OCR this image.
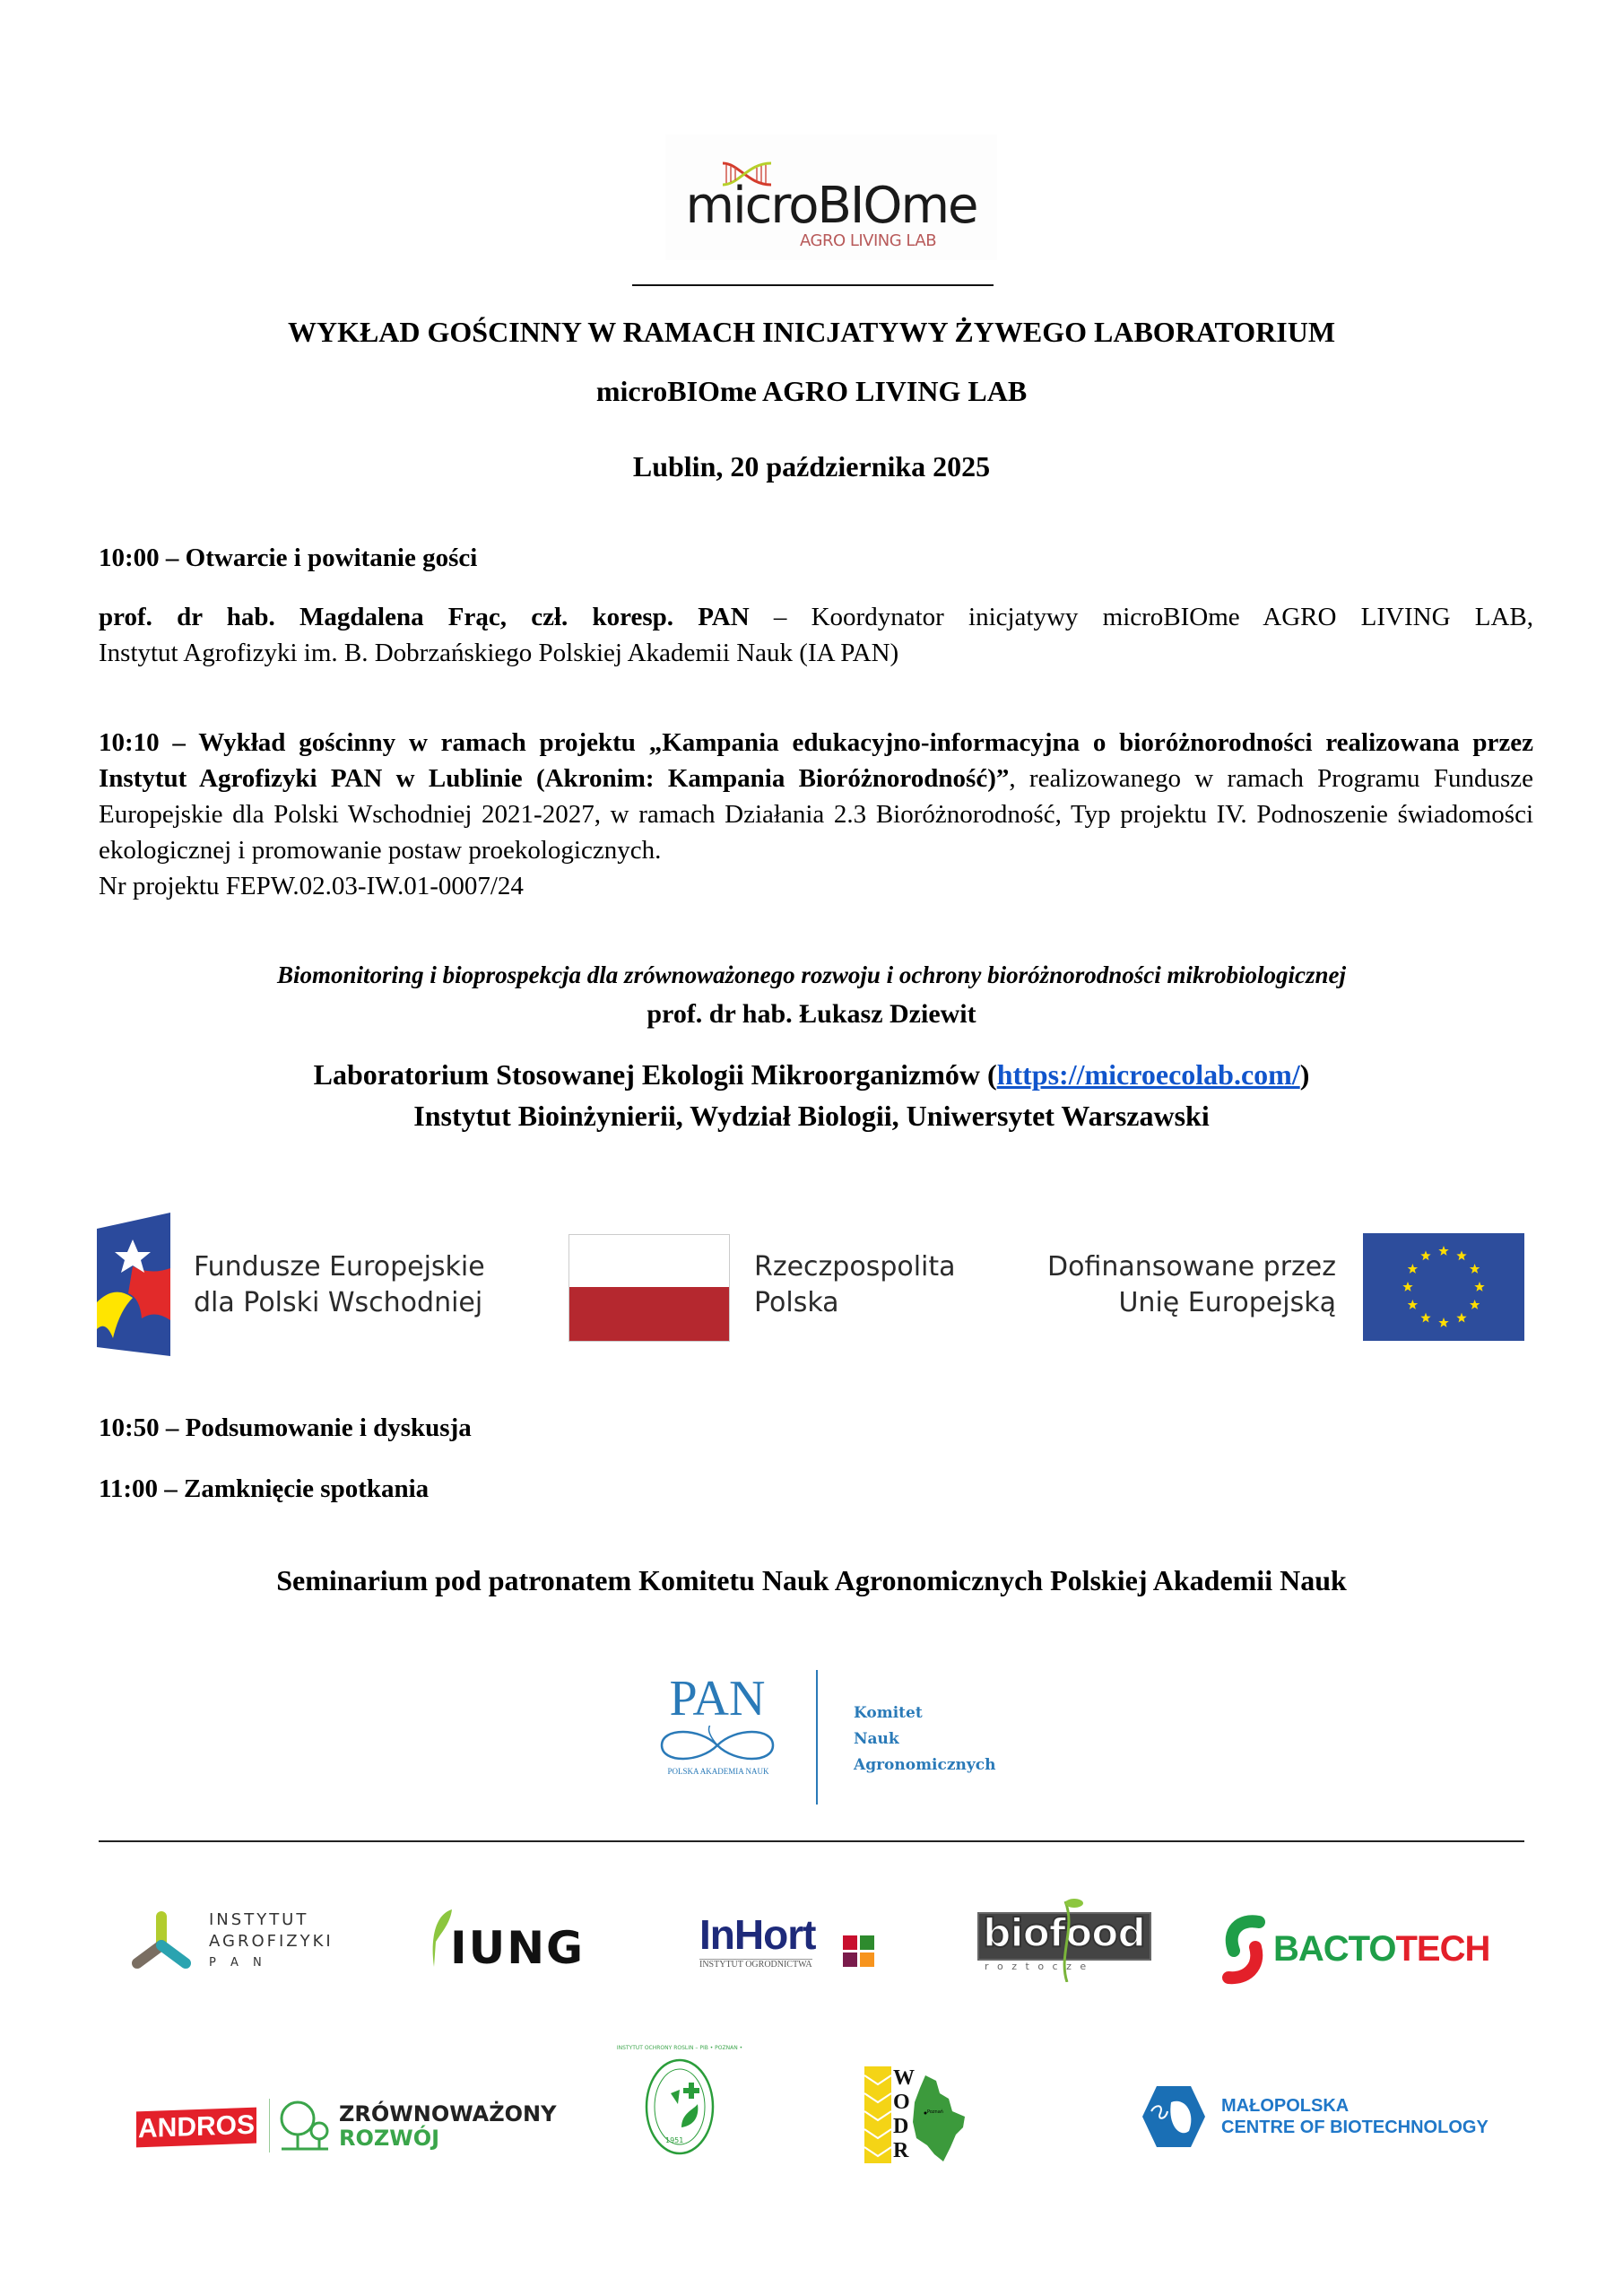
microBIOme
AGRO LIVING LAB
WYKŁAD GOŚCINNY W RAMACH INICJATYWY ŻYWEGO LABORATORIUM
microBIOme AGRO LIVING LAB
Lublin, 20 października 2025
10:00 – Otwarcie i powitanie gości
prof. dr hab. Magdalena Frąc, czł. koresp. PAN – Koordynator inicjatywy microBIOme AGRO LIVING LAB,
Instytut Agrofizyki im. B. Dobrzańskiego Polskiej Akademii Nauk (IA PAN)
10:10 – Wykład gościnny w ramach projektu „Kampania edukacyjno-informacyjna o bioróżnorodności realizowana przez Instytut Agrofizyki PAN w Lublinie (Akronim: Kampania Bioróżnorodność)”, realizowanego w ramach Programu Fundusze Europejskie dla Polski Wschodniej 2021-2027, w ramach Działania 2.3 Bioróżnorodność, Typ projektu IV. Podnoszenie świadomości ekologicznej i promowanie postaw proekologicznych.
Nr projektu FEPW.02.03-IW.01-0007/24
Biomonitoring i bioprospekcja dla zrównoważonego rozwoju i ochrony bioróżnorodności mikrobiologicznej
prof. dr hab. Łukasz Dziewit
Laboratorium Stosowanej Ekologii Mikroorganizmów (https://microecolab.com/)
Instytut Bioinżynierii, Wydział Biologii, Uniwersytet Warszawski
Fundusze Europejskie
dla Polski Wschodniej
Rzeczpospolita
Polska
Dofinansowane przez
Unię Europejską
10:50 – Podsumowanie i dyskusja
11:00 – Zamknięcie spotkania
Seminarium pod patronatem Komitetu Nauk Agronomicznych Polskiej Akademii Nauk
PAN
POLSKA AKADEMIA NAUK
Komitet
Nauk
Agronomicznych
INSTYTUT
AGROFIZYKI
P A N	IUNG	InHort
INSTYTUT OGRODNICTWA
biofood
r o z t o c z e	BACTOTECH
ANDROS	ZRÓWNOWAŻONY
ROZWÓJ	1951
INSTYTUT OCHRONY ROŚLIN – PIB • POZNAŃ •
W
O
D
R
Poznań	MAŁOPOLSKA
CENTRE OF BIOTECHNOLOGY
